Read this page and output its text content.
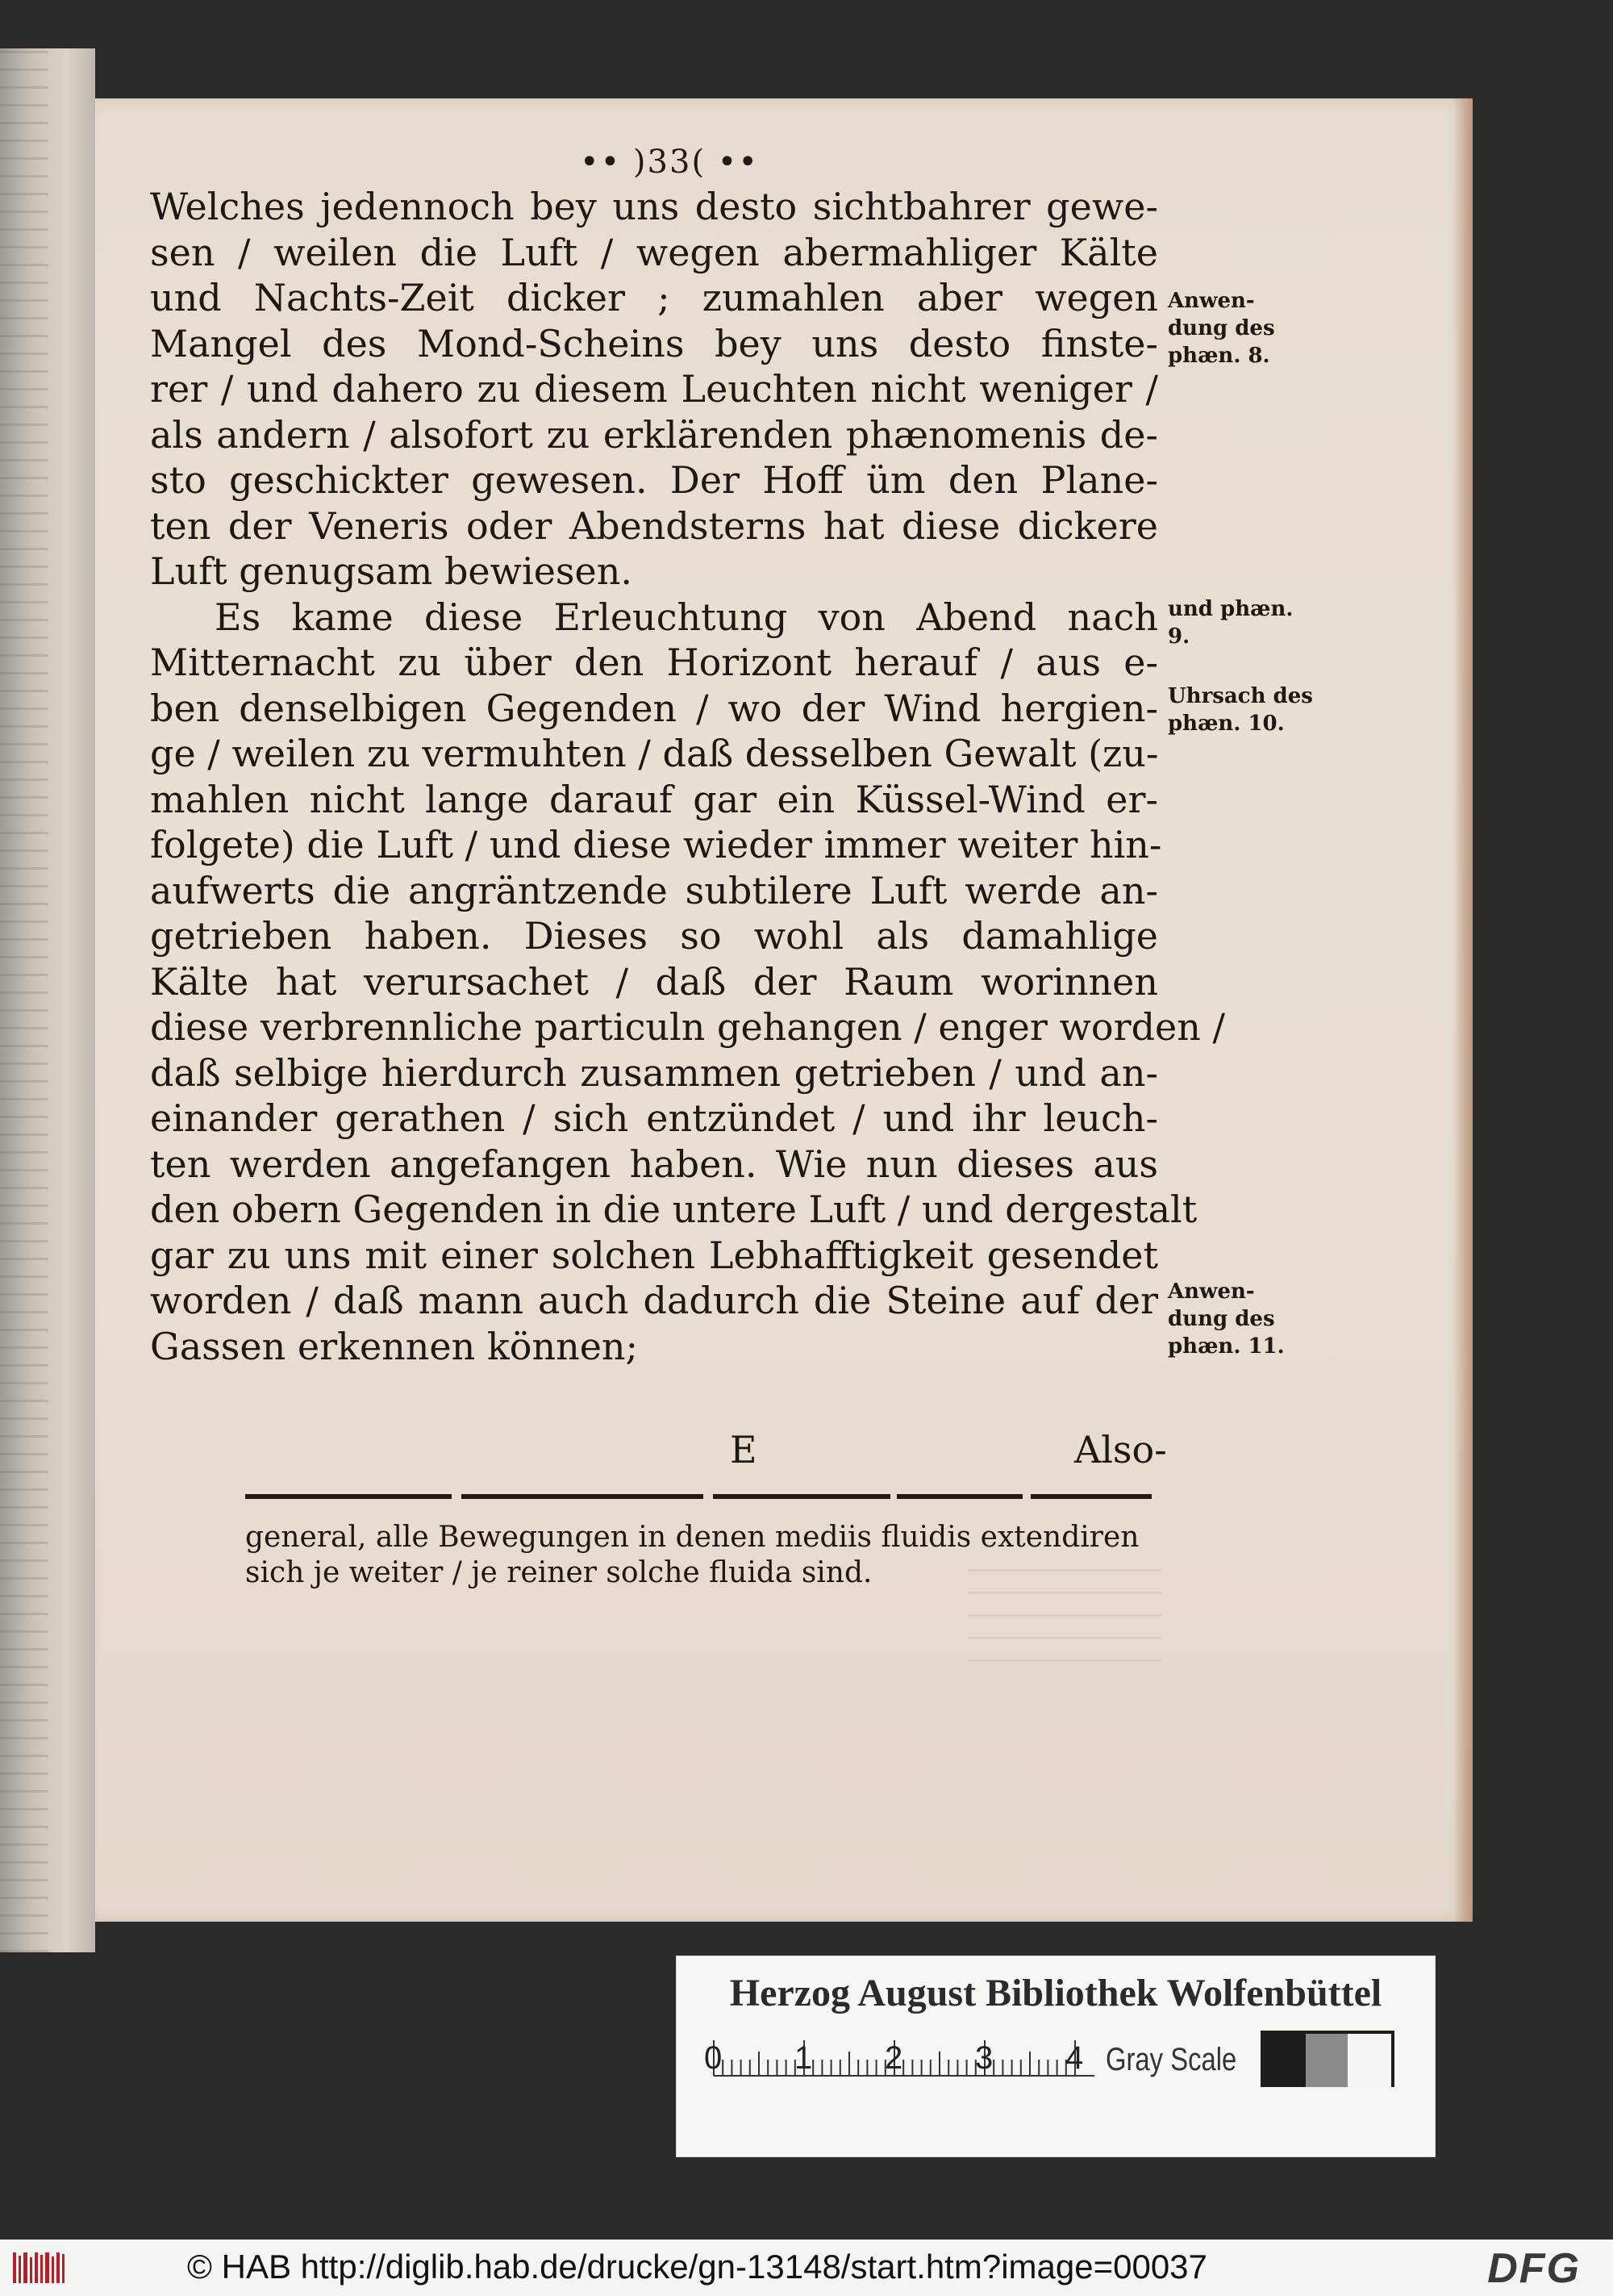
•• )33( ••

Welches jedennoch bey uns desto sichtbahrer gewe-
sen / weilen die Luft / wegen abermahliger Kälte
und Nachts-Zeit dicker ; zumahlen aber wegen
Mangel des Mond-Scheins bey uns desto finste-
rer / und dahero zu diesem Leuchten nicht weniger /
als andern / alsofort zu erklärenden phænomenis de-
sto geschickter gewesen. Der Hoff üm den Plane-
ten der Veneris oder Abendsterns hat diese dickere
Luft genugsam bewiesen.

Es kame diese Erleuchtung von Abend nach
Mitternacht zu über den Horizont herauf / aus e-
ben denselbigen Gegenden / wo der Wind hergien-
ge / weilen zu vermuhten / daß desselben Gewalt (zu-
mahlen nicht lange darauf gar ein Küssel-Wind er-
folgete) die Luft / und diese wieder immer weiter hin-
aufwerts die angräntzende subtilere Luft werde an-
getrieben haben. Dieses so wohl als damahlige
Kälte hat verursachet / daß der Raum worinnen
diese verbrennliche particuln gehangen / enger worden /
daß selbige hierdurch zusammen getrieben / und an-
einander gerathen / sich entzündet / und ihr leuch-
ten werden angefangen haben. Wie nun dieses aus
den obern Gegenden in die untere Luft / und dergestalt
gar zu uns mit einer solchen Lebhafftigkeit gesendet
worden / daß mann auch dadurch die Steine auf der
Gassen erkennen können;

E	Also-
Anwen-
dung des
phæn. 8.
und phæn.
9.
Uhrsach des
phæn. 10.
Anwen-
dung des
phæn. 11.
general, alle Bewegungen in denen mediis fluidis extendiren
sich je weiter / je reiner solche fluida sind.
Herzog August Bibliothek Wolfenbüttel
0 1 2 3 4 Gray Scale
© HAB http://diglib.hab.de/drucke/gn-13148/start.htm?image=00037	DFG
